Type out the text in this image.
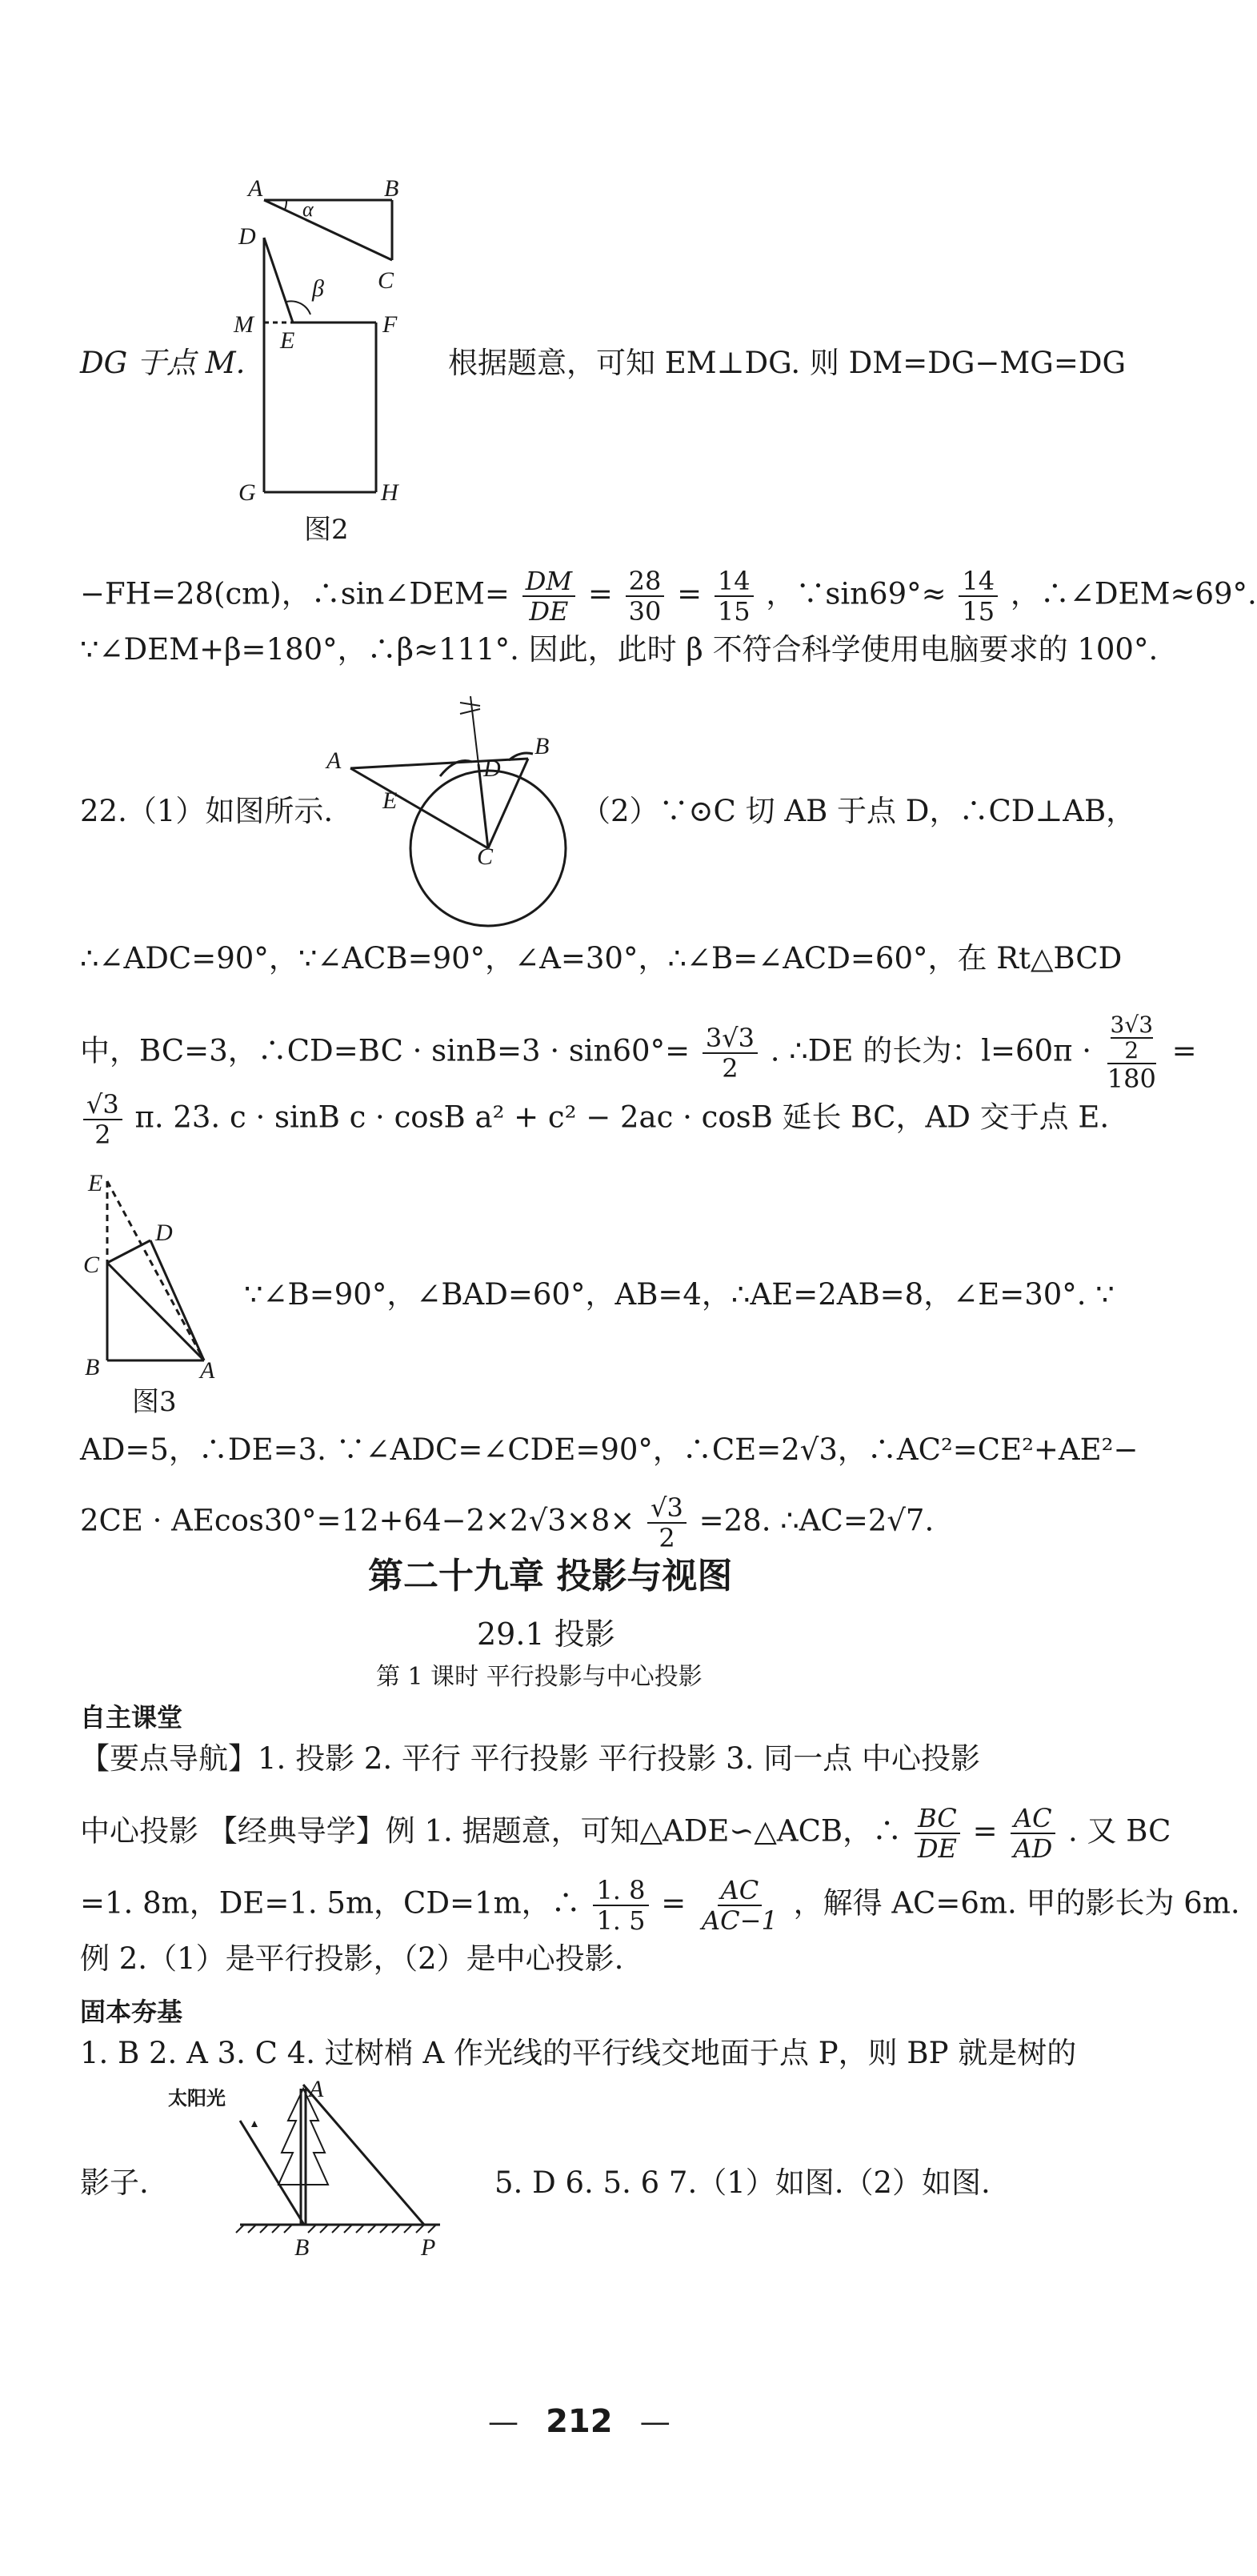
A	B
C
D
M
E
F
G	H
α
β
图2
DG 于点 M.	根据题意，可知 EM⊥DG. 则 DM=DG−MG=DG
−FH=28(cm)，∴sin∠DEM= $\frac{DM}{DE} = \frac{28}{30} = \frac{14}{15}$ ，∵sin69°≈ $\frac{14}{15}$ ，∴∠DEM≈69°.
∵∠DEM+β=180°，∴β≈111°. 因此，此时 β 不符合科学使用电脑要求的 100°.
A
B
C
D
E
22.（1）如图所示.	（2）∵⊙C 切 AB 于点 D，∴CD⊥AB，
∴∠ADC=90°，∵∠ACB=90°，∠A=30°，∴∠B=∠ACD=60°，在 Rt△BCD
中，BC=3，∴CD=BC · $\sin B=3 \cdot \sin 60^\circ= \frac{3√3}{2}$ . ∴DE 的长为：$l=60\pi \cdot \frac{\frac{3√3}{2}}{180}$ =
$\frac{√3}{2} \pi$. 23. c · sinB c · cosB a² + c² − 2ac · cosB 延长 BC，AD 交于点 E.
E
C
D
B	A
图3
∵∠B=90°，∠BAD=60°，AB=4，∴AE=2AB=8，∠E=30°. ∵
AD=5，∴DE=3. ∵∠ADC=∠CDE=90°，∴CE=2√3，∴AC²=CE²+AE²−
$2CE \cdot AEcos30^\circ=12+64-2\times 2√3\times 8\times \frac{√3}{2} =28$. ∴AC=2√7.
第二十九章 投影与视图
29.1 投影
第 1 课时 平行投影与中心投影
自主课堂
【要点导航】1. 投影 2. 平行 平行投影 平行投影 3. 同一点 中心投影
中心投影 【经典导学】例 1. 据题意，可知△ADE∽△ACB，∴ $\frac{BC}{DE} = \frac{AC}{AD}$ . 又 BC
=1. 8m，DE=1. 5m，CD=1m，∴ $\frac{1. 8}{1. 5} = \frac{AC}{AC-1}$ ，解得 AC=6m. 甲的影长为 6m.
例 2.（1）是平行投影，（2）是中心投影.
固本夯基
1. B 2. A 3. C 4. 过树梢 A 作光线的平行线交地面于点 P，则 BP 就是树的
太阳光	A
B	P
影子.	5. D 6. 5. 6 7.（1）如图.（2）如图.
— 212 —
